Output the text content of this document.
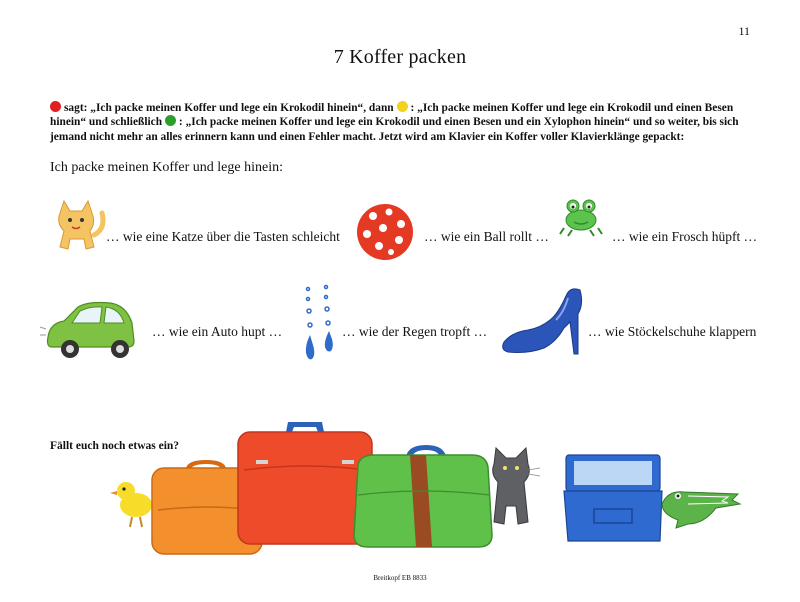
11
7 Koffer packen
sagt: „Ich packe meinen Koffer und lege ein Krokodil hinein“, dann : „Ich packe meinen Koffer und lege ein Krokodil und einen Besen hinein“ und schließlich : „Ich packe meinen Koffer und lege ein Krokodil und einen Besen und ein Xylophon hinein“ und so weiter, bis sich jemand nicht mehr an alles erinnern kann und einen Fehler macht. Jetzt wird am Klavier ein Koffer voller Klavierklänge gepackt:
Ich packe meinen Koffer und lege hinein:
… wie eine Katze über die Tasten schleicht	… wie ein Ball rollt …	… wie ein Frosch hüpft …
… wie ein Auto hupt …	… wie der Regen tropft …	… wie Stöckelschuhe klappern
Fällt euch noch etwas ein?
Breitkopf EB 8833
